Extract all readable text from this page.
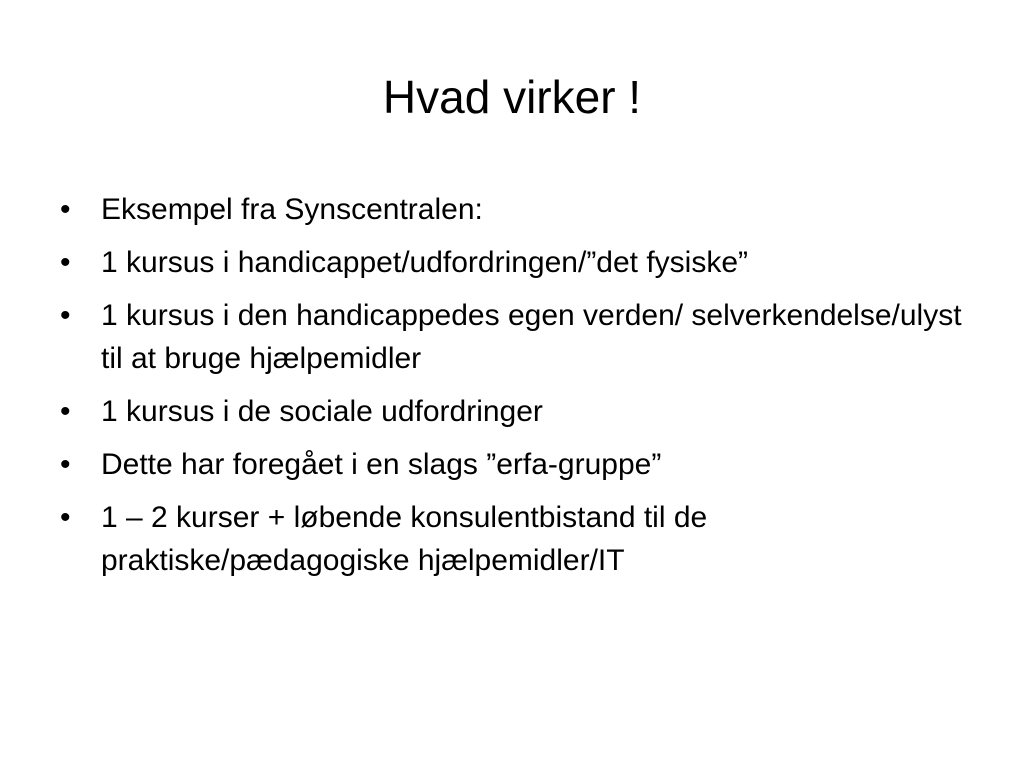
Hvad virker !
•	Eksempel fra Synscentralen:
•	1 kursus i handicappet/udfordringen/”det fysiske”
•	1 kursus i den handicappedes egen verden/ selverkendelse/ulyst til at bruge hjælpemidler
•	1 kursus i de sociale udfordringer
•	Dette har foregået i en slags ”erfa-gruppe”
•	1 – 2 kurser + løbende konsulentbistand til de praktiske/pædagogiske hjælpemidler/IT
